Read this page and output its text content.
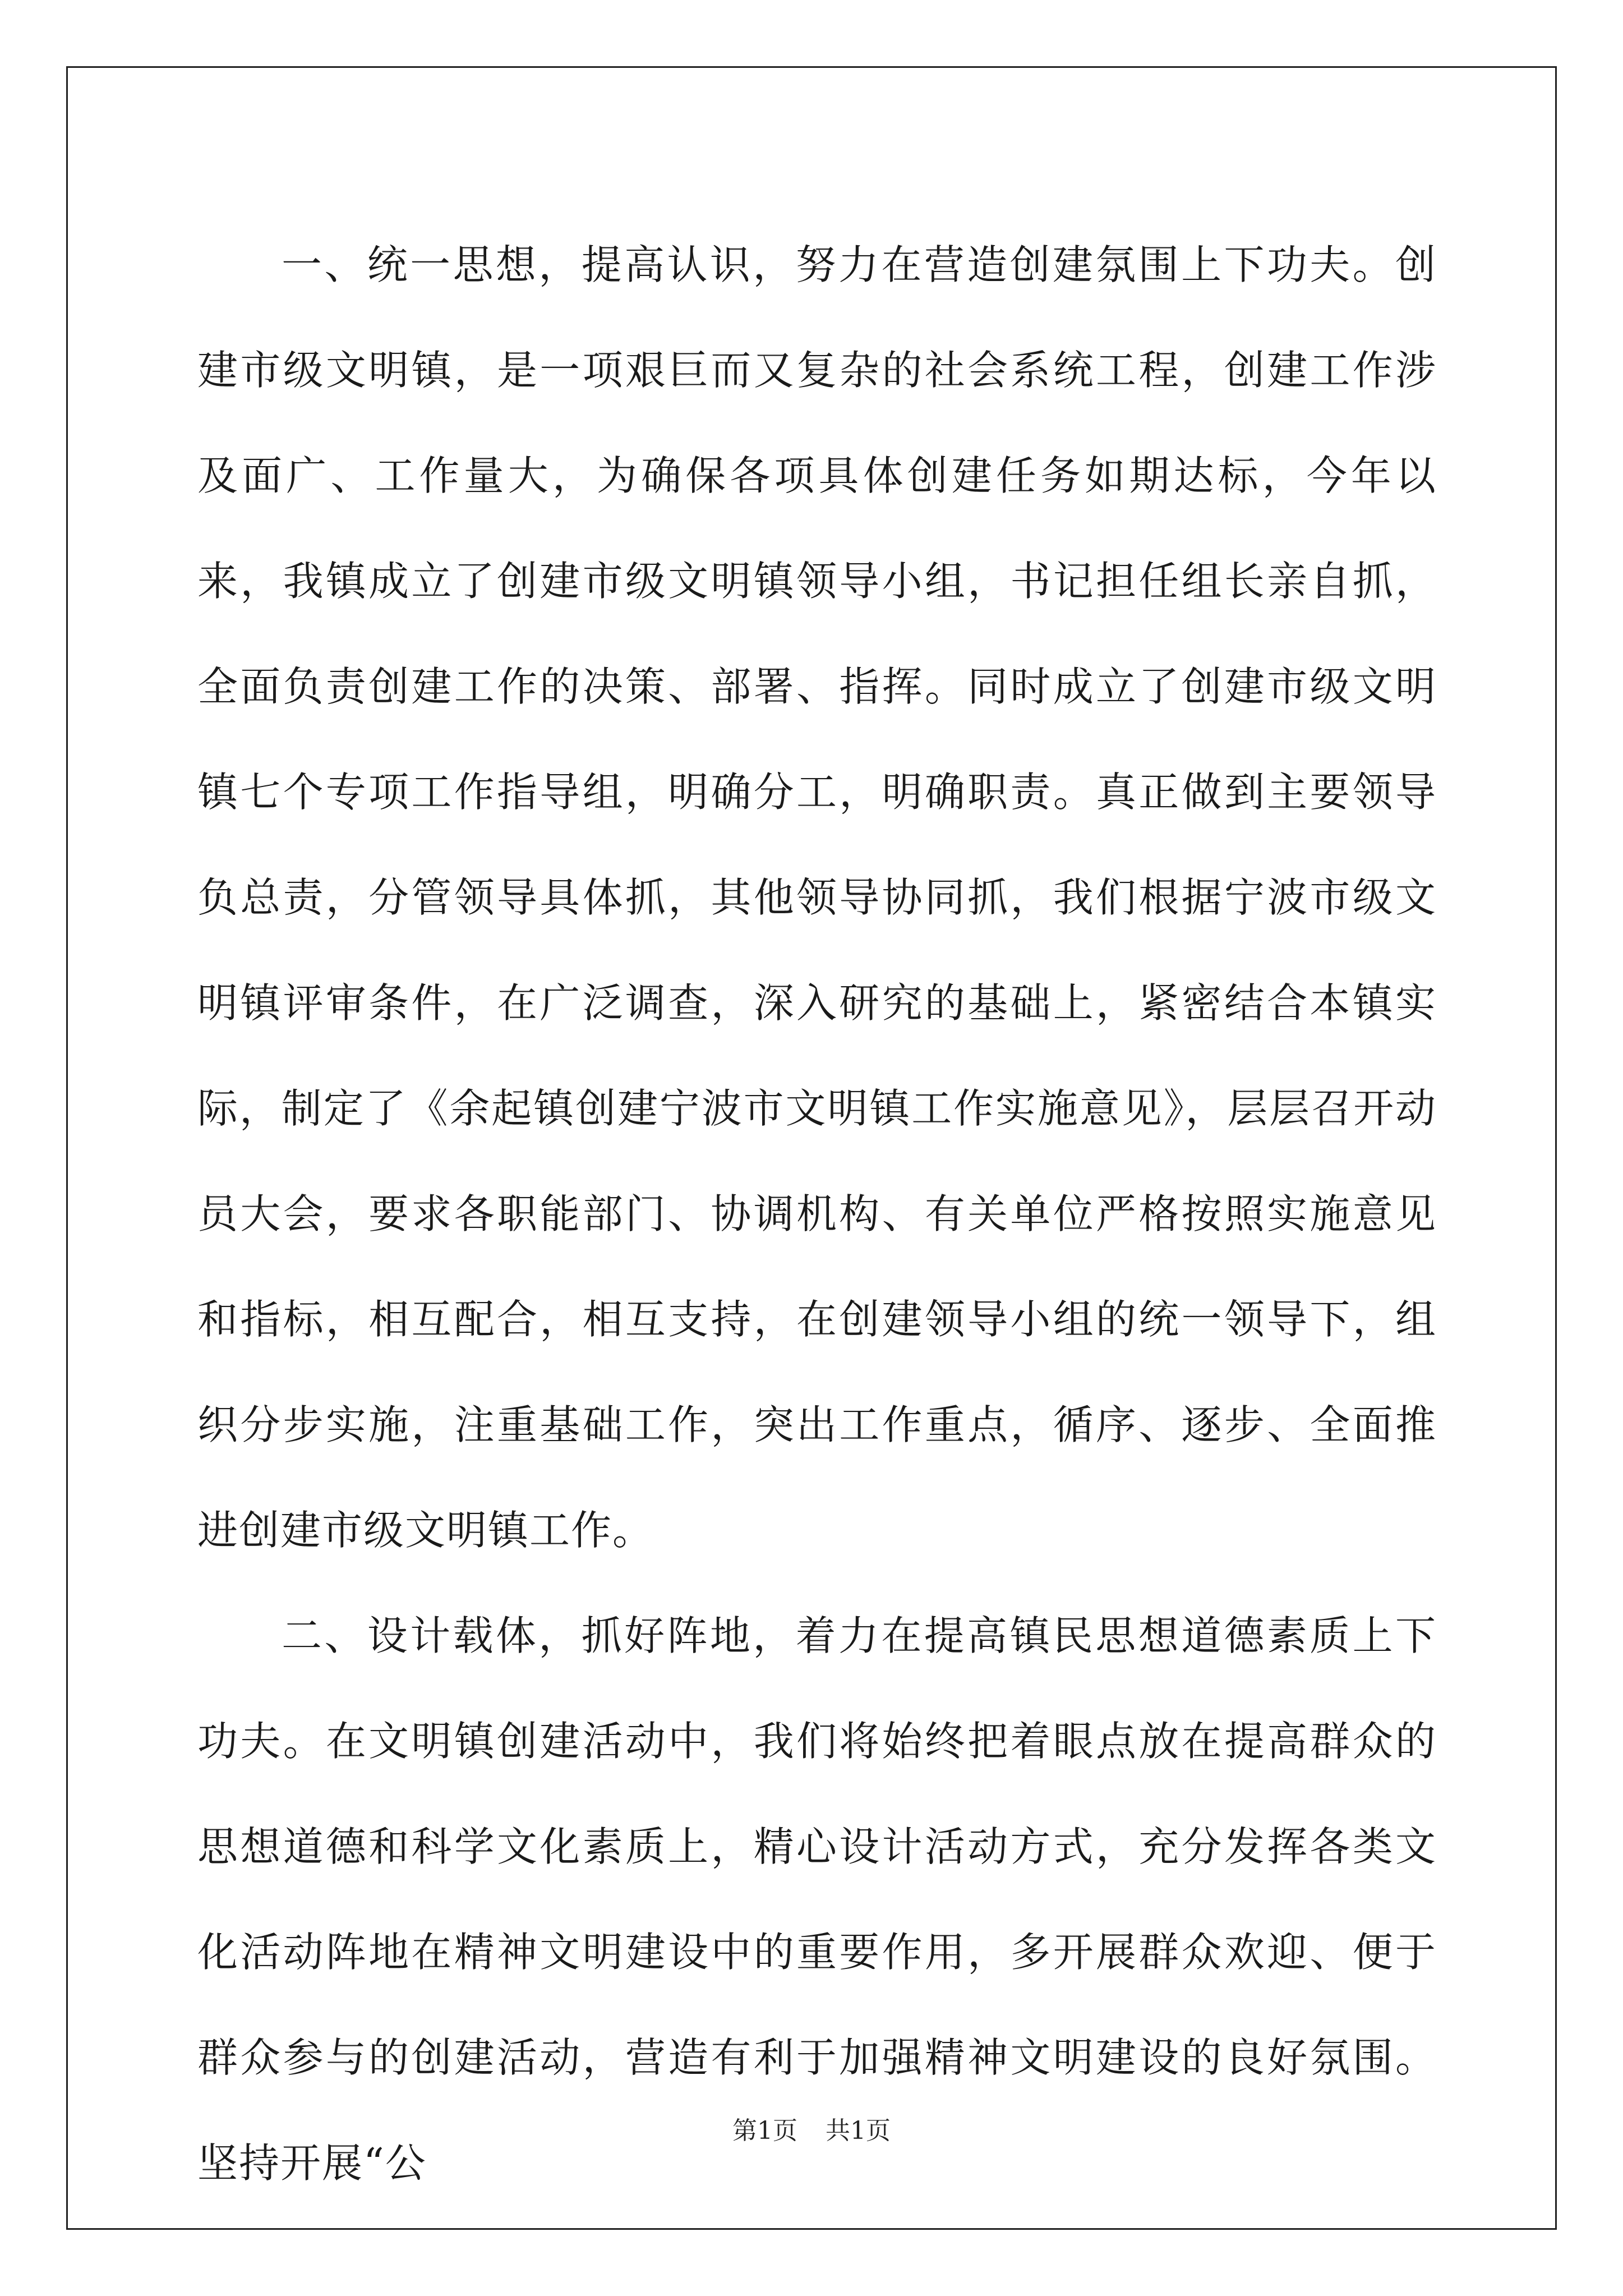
一、统一思想，提高认识，努力在营造创建氛围上下功夫。创建市级文明镇，是一项艰巨而又复杂的社会系统工程，创建工作涉及面广、工作量大，为确保各项具体创建任务如期达标，今年以来，我镇成立了创建市级文明镇领导小组，书记担任组长亲自抓，全面负责创建工作的决策、部署、指挥。同时成立了创建市级文明镇七个专项工作指导组，明确分工，明确职责。真正做到主要领导负总责，分管领导具体抓，其他领导协同抓，我们根据宁波市级文明镇评审条件，在广泛调查，深入研究的基础上，紧密结合本镇实际，制定了《余起镇创建宁波市文明镇工作实施意见》，层层召开动员大会，要求各职能部门、协调机构、有关单位严格按照实施意见和指标，相互配合，相互支持，在创建领导小组的统一领导下，组织分步实施，注重基础工作，突出工作重点，循序、逐步、全面推进创建市级文明镇工作。

二、设计载体，抓好阵地，着力在提高镇民思想道德素质上下功夫。在文明镇创建活动中，我们将始终把着眼点放在提高群众的思想道德和科学文化素质上，精心设计活动方式，充分发挥各类文化活动阵地在精神文明建设中的重要作用，多开展群众欢迎、便于群众参与的创建活动，营造有利于加强精神文明建设的良好氛围。坚持开展“公

第1页 共1页
